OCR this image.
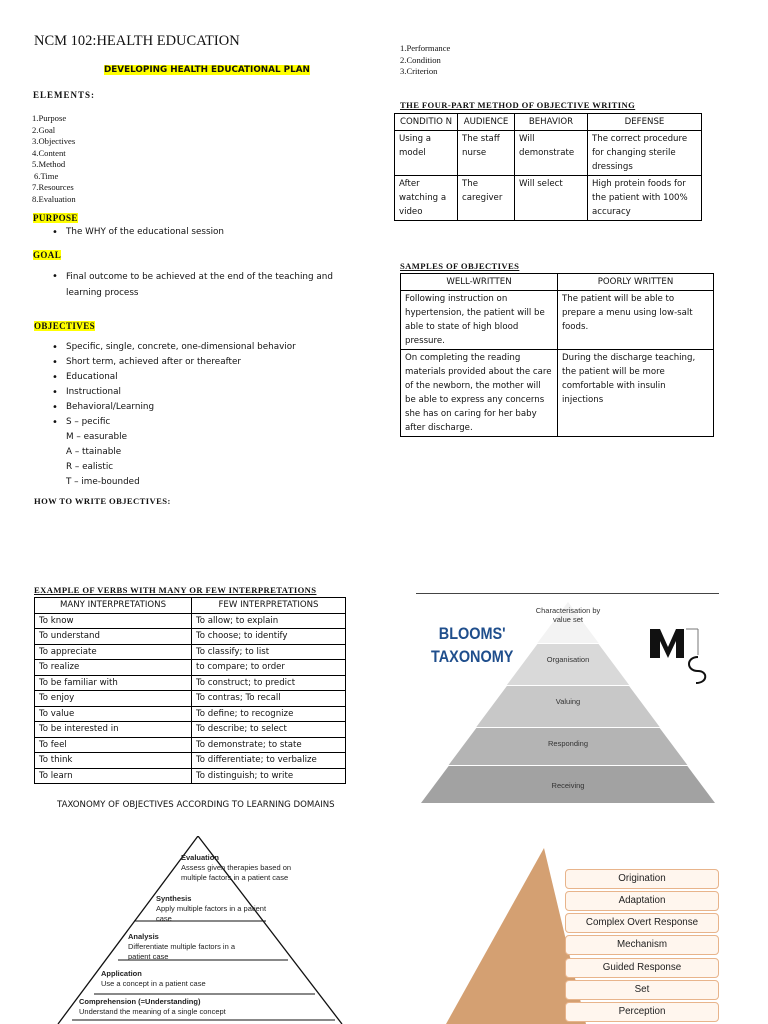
NCM 102:HEALTH EDUCATION
DEVELOPING HEALTH EDUCATIONAL PLAN
ELEMENTS:
1.Purpose
2.Goal
3.Objectives
4.Content
5.Method
6.Time
7.Resources
8.Evaluation
PURPOSE
• The WHY of the educational session
GOAL
• Final outcome to be achieved at the end of the teaching and
learning process
OBJECTIVES
• Specific, single, concrete, one-dimensional behavior
• Short term, achieved after or thereafter
• Educational
• Instructional
• Behavioral/Learning
• S – pecific
M – easurable
A – ttainable
R – ealistic
T – ime-bounded
HOW TO WRITE OBJECTIVES:
1.Performance
2.Condition
3.Criterion
THE FOUR-PART METHOD OF OBJECTIVE WRITING
CONDITIO N	AUDIENCE	BEHAVIOR	DEFENSE
Using a model	The staff nurse	Will demonstrate	The correct procedure for changing sterile dressings
After watching a video	The caregiver	Will select	High protein foods for the patient with 100% accuracy
SAMPLES OF OBJECTIVES
WELL-WRITTEN	POORLY WRITTEN
Following instruction on hypertension, the patient will be able to state of high blood pressure.	The patient will be able to prepare a menu using low-salt foods.
On completing the reading materials provided about the care of the newborn, the mother will be able to express any concerns she has on caring for her baby after discharge.	During the discharge teaching, the patient will be more comfortable with insulin injections
EXAMPLE OF VERBS WITH MANY OR FEW INTERPRETATIONS
MANY INTERPRETATIONS	FEW INTERPRETATIONS
To know	To allow; to explain
To understand	To choose; to identify
To appreciate	To classify; to list
To realize	to compare; to order
To be familiar with	To construct; to predict
To enjoy	To contras; To recall
To value	To define; to recognize
To be interested in	To describe; to select
To feel	To demonstrate; to state
To think	To differentiate; to verbalize
To learn	To distinguish; to write
TAXONOMY OF OBJECTIVES ACCORDING TO LEARNING DOMAINS
BLOOMS'
TAXONOMY
Characterisation by value set
Organisation
Valuing
Responding
Receiving
Evaluation
Assess given therapies based on multiple factors in a patient case
Synthesis
Apply multiple factors in a patient case
Analysis
Differentiate multiple factors in a patient case
Application
Use a concept in a patient case
Comprehension (=Understanding)
Understand the meaning of a single concept
Origination
Adaptation
Complex Overt Response
Mechanism
Guided Response
Set
Perception
